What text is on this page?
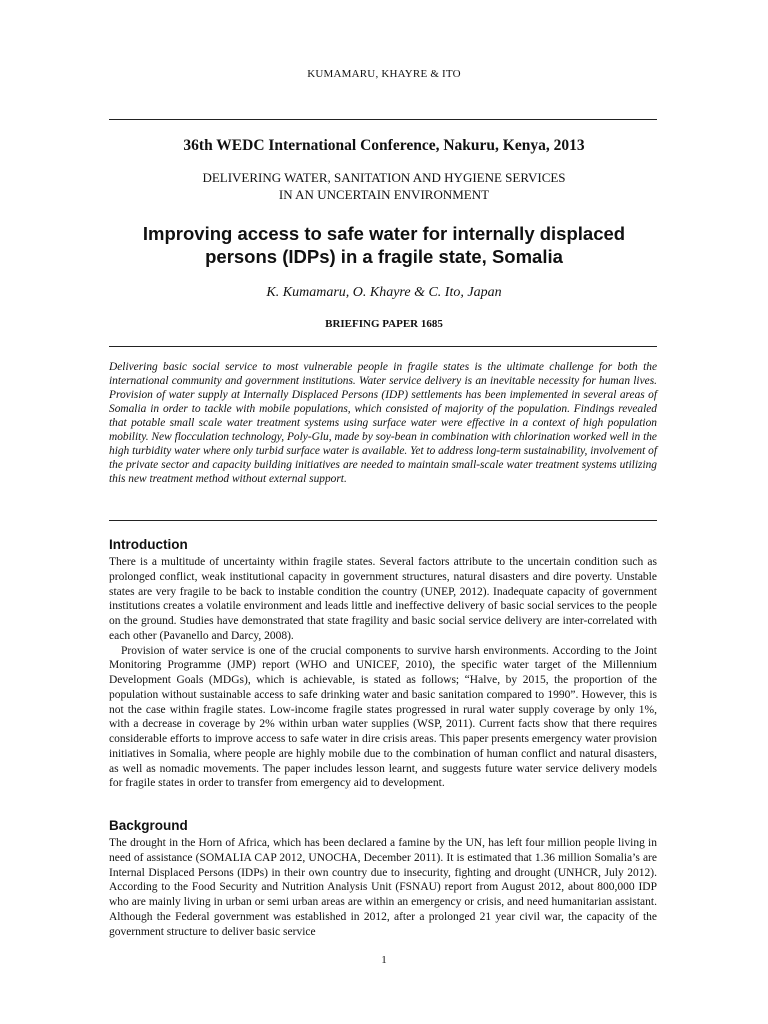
KUMAMARU, KHAYRE & ITO
36th WEDC International Conference, Nakuru, Kenya, 2013
DELIVERING WATER, SANITATION AND HYGIENE SERVICES
IN AN UNCERTAIN ENVIRONMENT
Improving access to safe water for internally displaced
persons (IDPs) in a fragile state, Somalia
K. Kumamaru, O. Khayre & C. Ito, Japan
BRIEFING PAPER 1685

Delivering basic social service to most vulnerable people in fragile states is the ultimate challenge for both the international community and government institutions. Water service delivery is an inevitable necessity for human lives. Provision of water supply at Internally Displaced Persons (IDP) settlements has been implemented in several areas of Somalia in order to tackle with mobile populations, which consisted of majority of the population. Findings revealed that potable small scale water treatment systems using surface water were effective in a context of high population mobility. New flocculation technology, Poly-Glu, made by soy-bean in combination with chlorination worked well in the high turbidity water where only turbid surface water is available. Yet to address long-term sustainability, involvement of the private sector and capacity building initiatives are needed to maintain small-scale water treatment systems utilizing this new treatment method without external support.

Introduction

There is a multitude of uncertainty within fragile states. Several factors attribute to the uncertain condition such as prolonged conflict, weak institutional capacity in government structures, natural disasters and dire poverty. Unstable states are very fragile to be back to instable condition the country (UNEP, 2012). Inadequate capacity of government institutions creates a volatile environment and leads little and ineffective delivery of basic social services to the people on the ground. Studies have demonstrated that state fragility and basic social service delivery are inter-correlated with each other (Pavanello and Darcy, 2008).

Provision of water service is one of the crucial components to survive harsh environments. According to the Joint Monitoring Programme (JMP) report (WHO and UNICEF, 2010), the specific water target of the Millennium Development Goals (MDGs), which is achievable, is stated as follows; “Halve, by 2015, the proportion of the population without sustainable access to safe drinking water and basic sanitation compared to 1990”. However, this is not the case within fragile states. Low-income fragile states progressed in rural water supply coverage by only 1%, with a decrease in coverage by 2% within urban water supplies (WSP, 2011). Current facts show that there requires considerable efforts to improve access to safe water in dire crisis areas. This paper presents emergency water provision initiatives in Somalia, where people are highly mobile due to the combination of human conflict and natural disasters, as well as nomadic movements. The paper includes lesson learnt, and suggests future water service delivery models for fragile states in order to transfer from emergency aid to development.

Background

The drought in the Horn of Africa, which has been declared a famine by the UN, has left four million people living in need of assistance (SOMALIA CAP 2012, UNOCHA, December 2011). It is estimated that 1.36 million Somalia’s are Internal Displaced Persons (IDPs) in their own country due to insecurity, fighting and drought (UNHCR, July 2012). According to the Food Security and Nutrition Analysis Unit (FSNAU) report from August 2012, about 800,000 IDP who are mainly living in urban or semi urban areas are within an emergency or crisis, and need humanitarian assistant. Although the Federal government was established in 2012, after a prolonged 21 year civil war, the capacity of the government structure to deliver basic service

1
